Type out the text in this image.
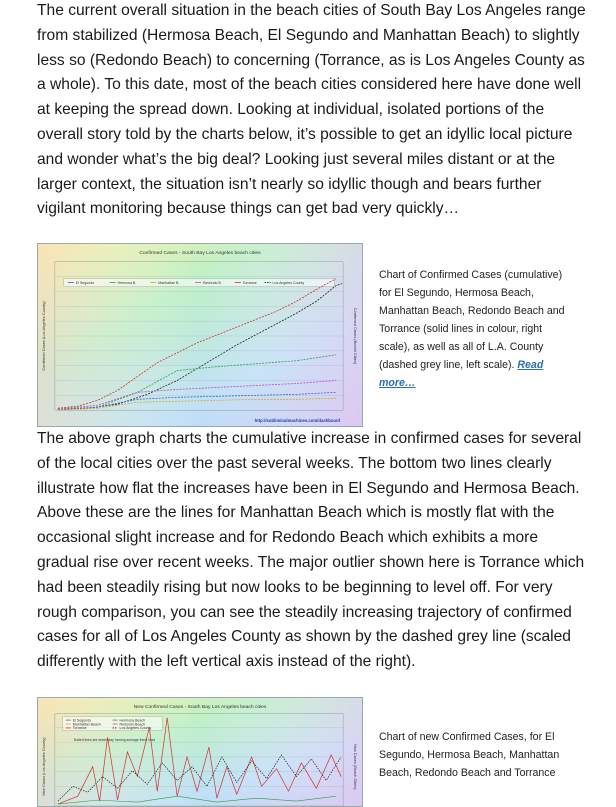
The current overall situation in the beach cities of South Bay Los Angeles range from stabilized (Hermosa Beach, El Segundo and Manhattan Beach) to slightly less so (Redondo Beach) to concerning (Torrance, as is Los Angeles County as a whole). To this date, most of the beach cities considered here have done well at keeping the spread down. Looking at individual, isolated portions of the overall story told by the charts below, it’s possible to get an idyllic local picture and wonder what’s the big deal? Looking just several miles distant or at the larger context, the situation isn’t nearly so idyllic though and bears further vigilant monitoring because things can get bad very quickly…

Confirmed Cases - South Bay Los Angeles beach cities
El Segundo	Hermosa B.	Manhattan B.	Redondo B.	Torrance	Los Angeles County
Confirmed Cases (Los Angeles County)	Confirmed Cases (Beach Cities)
http://subliminalmachines.com/dashboard

Chart of Confirmed Cases (cumulative) for El Segundo, Hermosa Beach, Manhattan Beach, Redondo Beach and Torrance (solid lines in colour, right scale), as well as all of L.A. County (dashed grey line, left scale). Read more…

The above graph charts the cumulative increase in confirmed cases for several of the local cities over the past several weeks. The bottom two lines clearly illustrate how flat the increases have been in El Segundo and Hermosa Beach. Above these are the lines for Manhattan Beach which is mostly flat with the occasional slight increase and for Redondo Beach which exhibits a more gradual rise over recent weeks. The major outlier shown here is Torrance which had been steadily rising but now looks to be beginning to level off. For very rough comparison, you can see the steadily increasing trajectory of confirmed cases for all of Los Angeles County as shown by the dashed grey line (scaled differently with the left vertical axis instead of the right).

New Confirmed Cases - South Bay Los Angeles beach cities
El Segundo	Hermosa Beach
Manhattan Beach	Redondo Beach
Torrance	Los Angeles County
Dotted lines are seven-day moving average trend lines
New Cases (Los Angeles County)	New Cases (Beach Cities)

Chart of new Confirmed Cases, for El Segundo, Hermosa Beach, Manhattan Beach, Redondo Beach and Torrance
